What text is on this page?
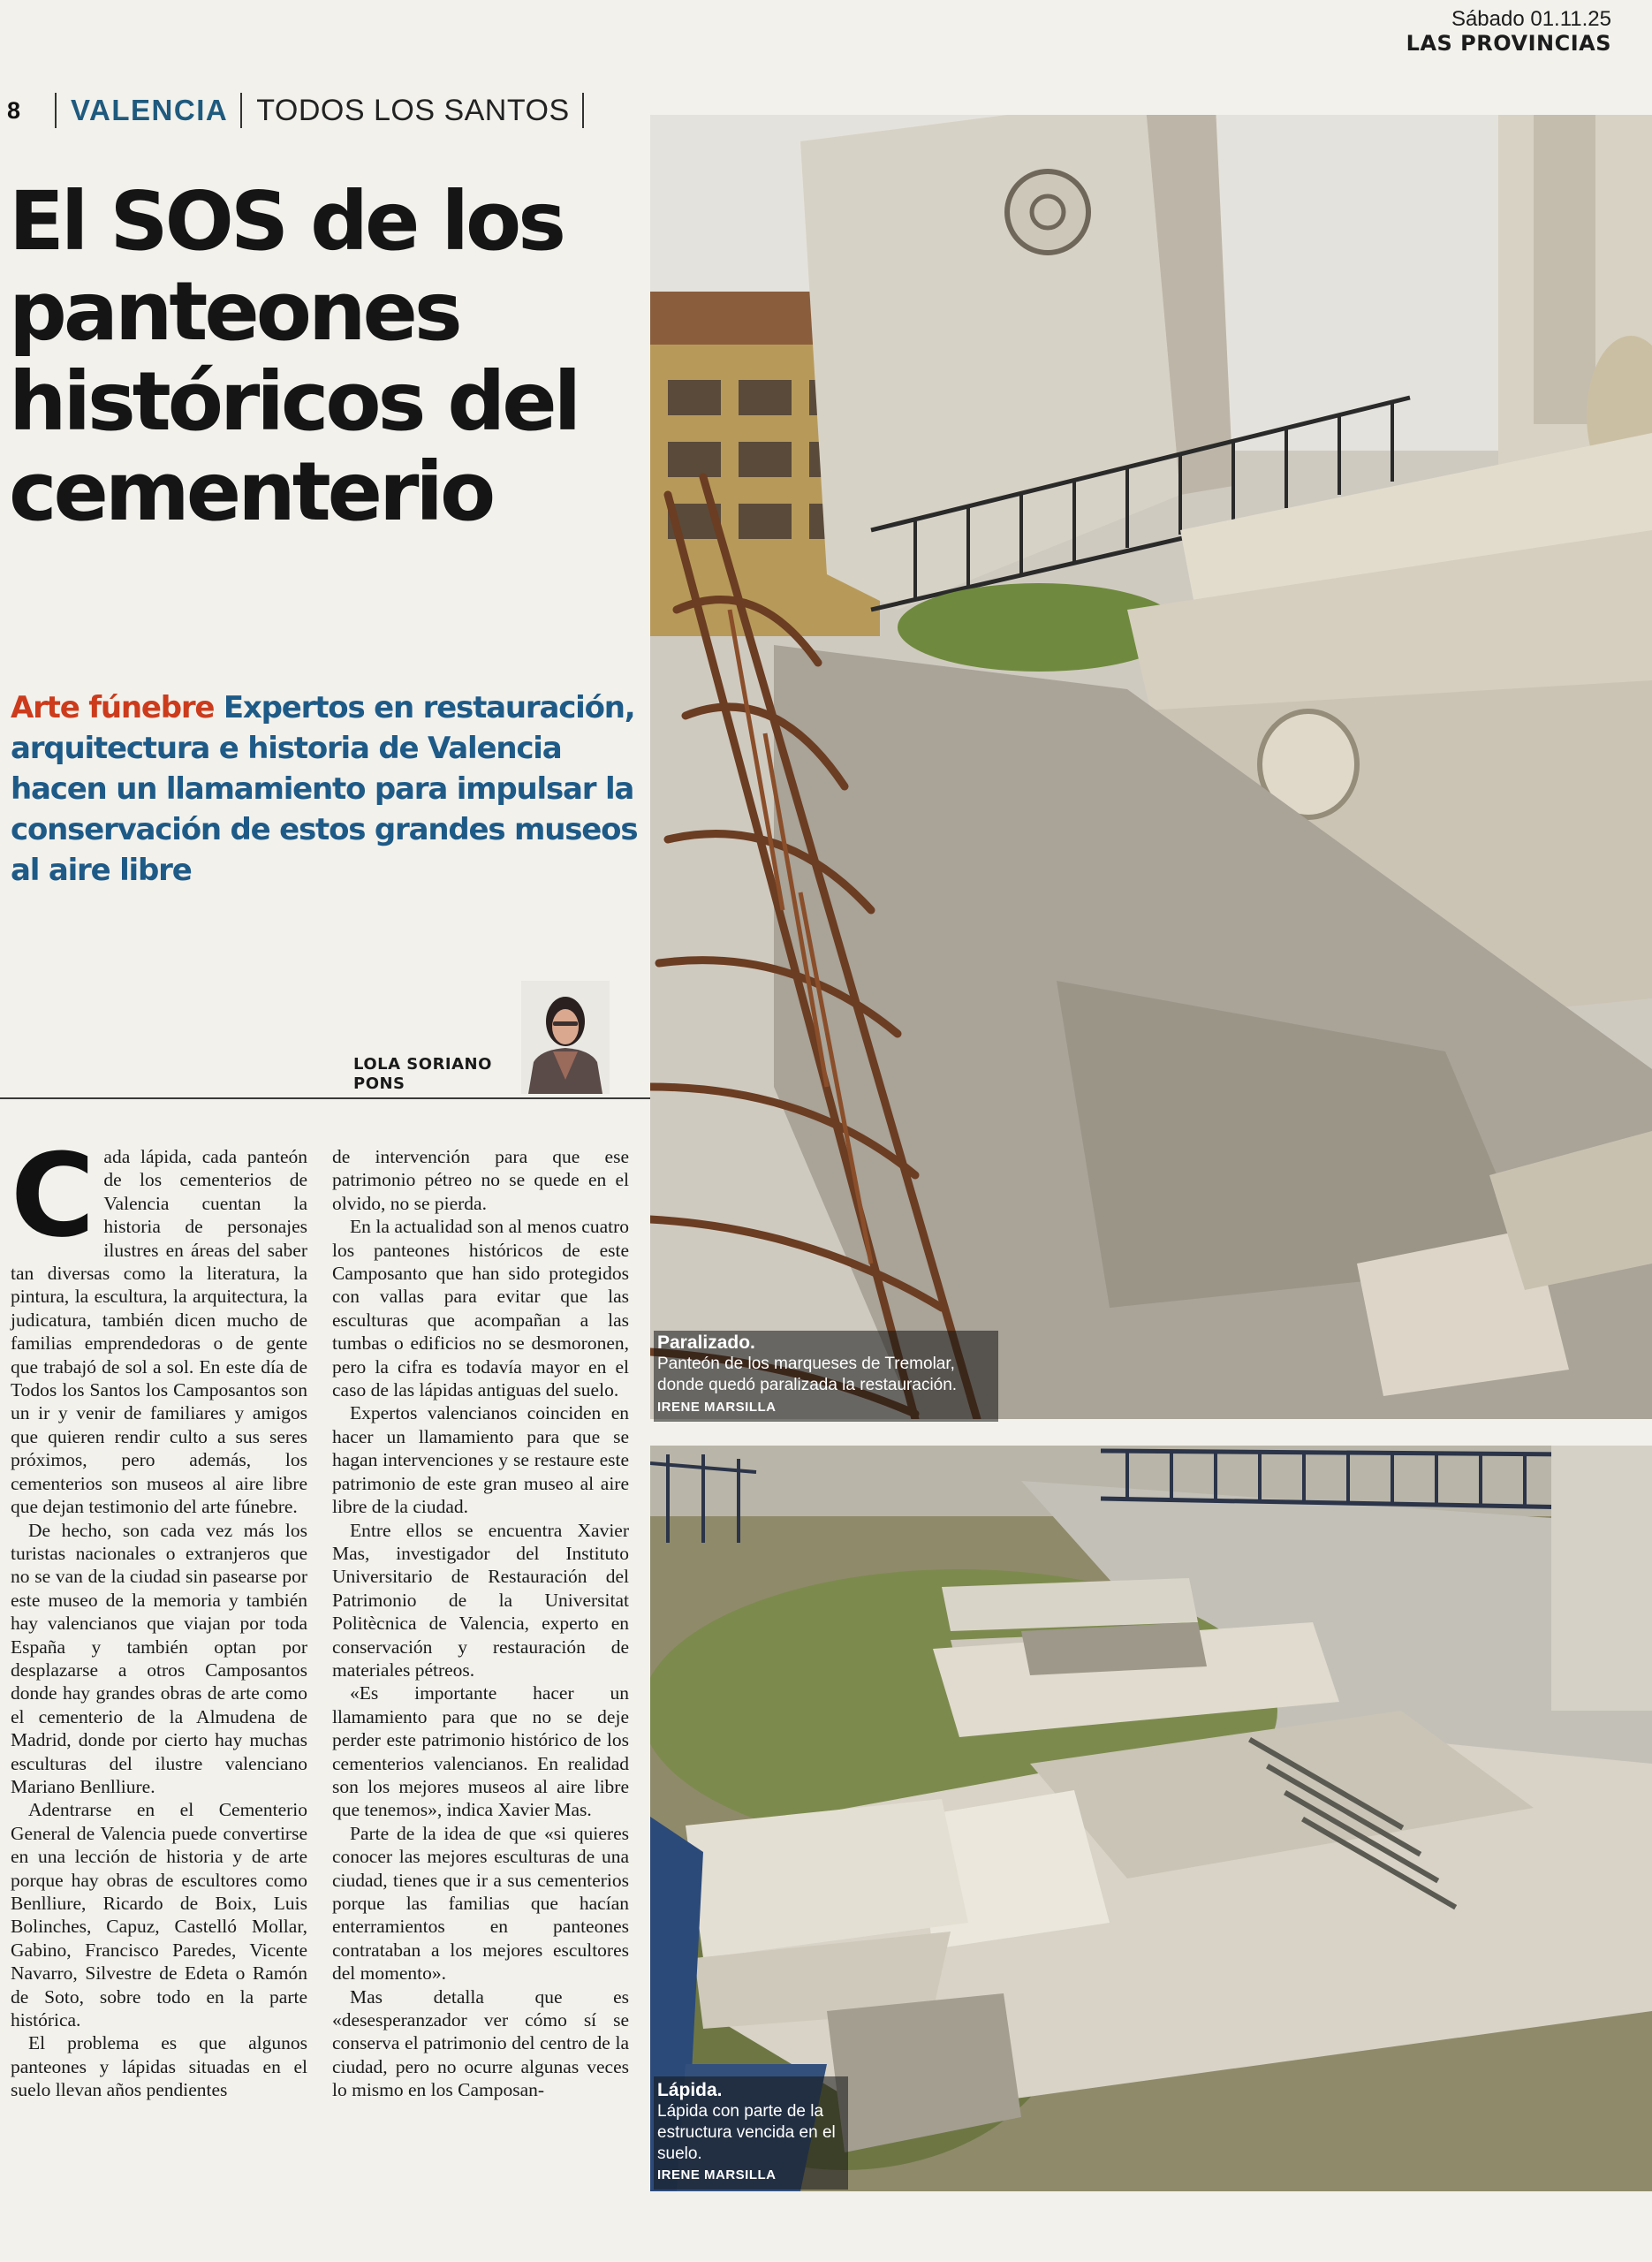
Sábado 01.11.25
LAS PROVINCIAS
8	VALENCIA TODOS LOS SANTOS
El SOS de los panteones históricos del cementerio

Arte fúnebre Expertos en restauración, arquitectura e historia de Valencia hacen un llamamiento para impulsar la conservación de estos grandes museos al aire libre

LOLA SORIANO PONS

Cada lápida, cada panteón de los cementerios de Valencia cuentan la historia de personajes ilustres en áreas del saber tan diversas como la literatura, la pintura, la escultura, la arquitectura, la judicatura, también dicen mucho de familias emprendedoras o de gente que trabajó de sol a sol. En este día de Todos los Santos los Camposantos son un ir y venir de familiares y amigos que quieren rendir culto a sus seres próximos, pero además, los cementerios son museos al aire libre que dejan testimonio del arte fúnebre.

De hecho, son cada vez más los turistas nacionales o extranjeros que no se van de la ciudad sin pasearse por este museo de la memoria y también hay valencianos que viajan por toda España y también optan por desplazarse a otros Camposantos donde hay grandes obras de arte como el cementerio de la Almudena de Madrid, donde por cierto hay muchas esculturas del ilustre valenciano Mariano Benlliure.

Adentrarse en el Cementerio General de Valencia puede convertirse en una lección de historia y de arte porque hay obras de escultores como Benlliure, Ricardo de Boix, Luis Bolinches, Capuz, Castelló Mollar, Gabino, Francisco Paredes, Vicente Navarro, Silvestre de Edeta o Ramón de Soto, sobre todo en la parte histórica.

El problema es que algunos panteones y lápidas situadas en el suelo llevan años pendientes

de intervención para que ese patrimonio pétreo no se quede en el olvido, no se pierda.

En la actualidad son al menos cuatro los panteones históricos de este Camposanto que han sido protegidos con vallas para evitar que las esculturas que acompañan a las tumbas o edificios no se desmoronen, pero la cifra es todavía mayor en el caso de las lápidas antiguas del suelo.

Expertos valencianos coinciden en hacer un llamamiento para que se hagan intervenciones y se restaure este patrimonio de este gran museo al aire libre de la ciudad.

Entre ellos se encuentra Xavier Mas, investigador del Instituto Universitario de Restauración del Patrimonio de la Universitat Politècnica de Valencia, experto en conservación y restauración de materiales pétreos.

«Es importante hacer un llamamiento para que no se deje perder este patrimonio histórico de los cementerios valencianos. En realidad son los mejores museos al aire libre que tenemos», indica Xavier Mas.

Parte de la idea de que «si quieres conocer las mejores esculturas de una ciudad, tienes que ir a sus cementerios porque las familias que hacían enterramientos en panteones contrataban a los mejores escultores del momento».

Mas detalla que es «desesperanzador ver cómo sí se conserva el patrimonio del centro de la ciudad, pero no ocurre algunas veces lo mismo en los Camposan-

Paralizado.
Panteón de los marqueses de Tremolar, donde quedó paralizada la restauración. IRENE MARSILLA
Lápida.
Lápida con parte de la estructura vencida en el suelo.
IRENE MARSILLA
